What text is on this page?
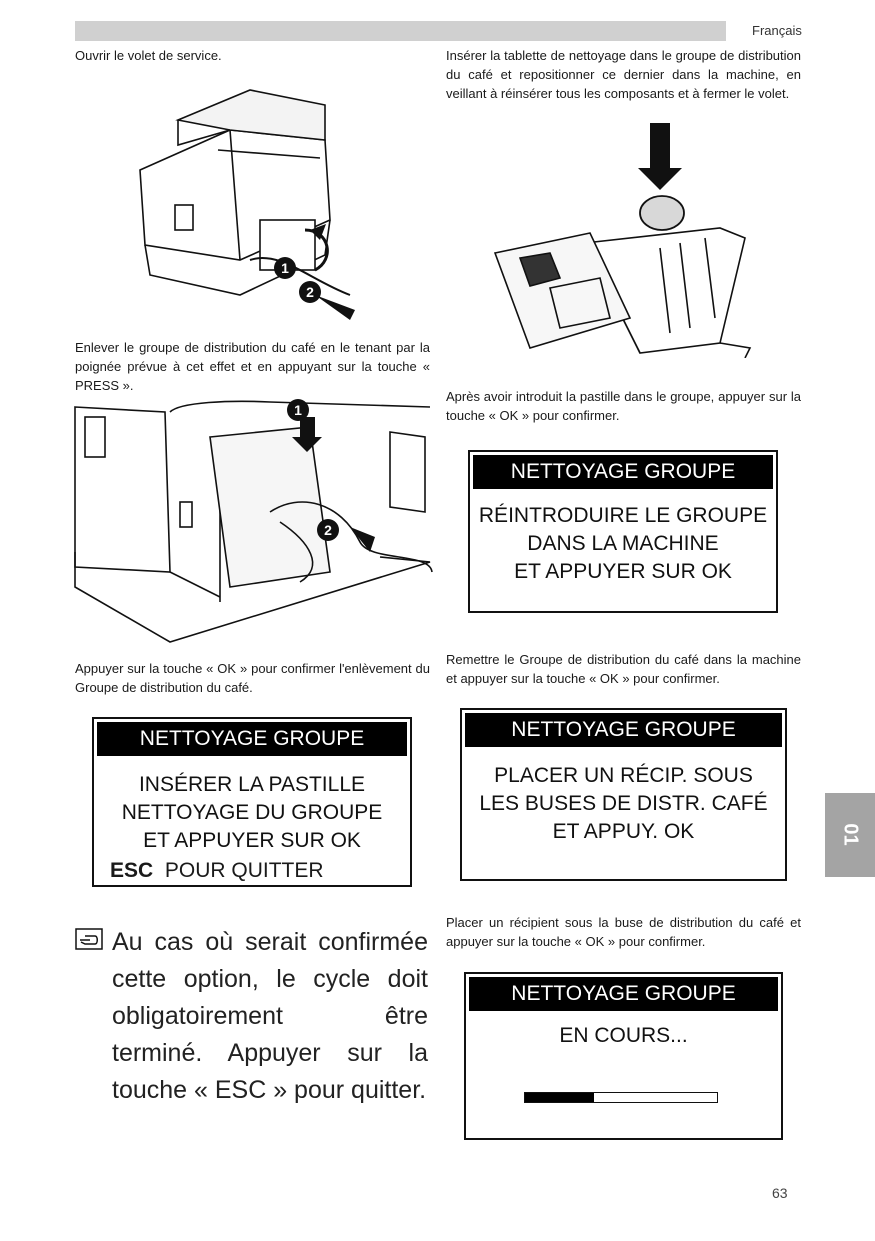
Français
Ouvrir le volet de service.
1
2
Enlever le groupe de distribution du café en le tenant par la poignée prévue à cet effet et en appuyant sur la touche « PRESS ».
1
2
Appuyer sur la touche « OK » pour confirmer l'enlèvement du Groupe de distribution du café.
NETTOYAGE GROUPE
INSÉRER LA PASTILLE
NETTOYAGE DU GROUPE
ET APPUYER SUR OK
ESC POUR QUITTER
Au cas où serait confirmée cette option, le cycle doit obligatoirement être terminé. Appuyer sur la touche « ESC » pour quitter.
Insérer la tablette de nettoyage dans le groupe de distribution du café et repositionner ce dernier dans la machine, en veillant à réinsérer tous les composants et à fermer le volet.
Après avoir introduit la pastille dans le groupe, appuyer sur la touche « OK » pour confirmer.
NETTOYAGE GROUPE
RÉINTRODUIRE LE GROUPE
DANS LA MACHINE
ET APPUYER SUR OK
Remettre le Groupe de distribution du café dans la machine et appuyer sur la touche « OK » pour confirmer.
NETTOYAGE GROUPE
PLACER UN RÉCIP. SOUS
LES BUSES DE DISTR. CAFÉ
ET APPUY. OK
Placer un récipient sous la buse de distribution du café et appuyer sur la touche « OK » pour confirmer.
NETTOYAGE GROUPE
EN COURS...
01
63
